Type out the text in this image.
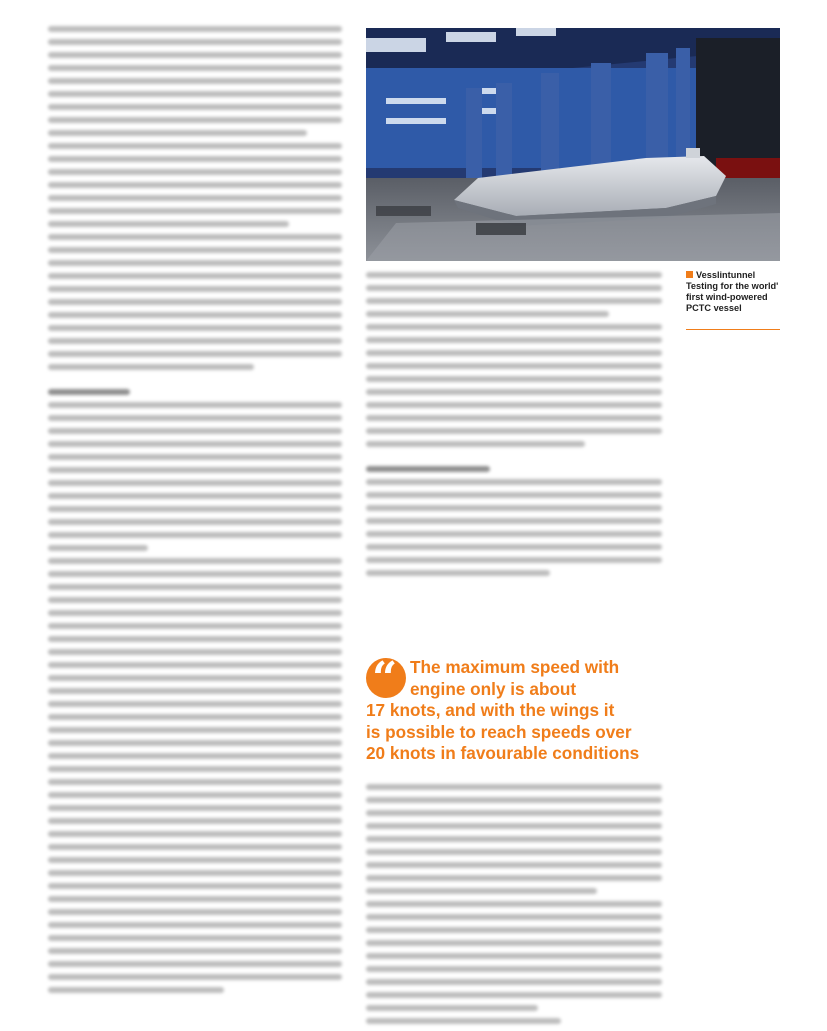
Vesslintunnel
Testing for the world' first wind-powered PCTC vessel
“ The maximum speed with
engine only is about
17 knots, and with the wings it
is possible to reach speeds over
20 knots in favourable conditions
